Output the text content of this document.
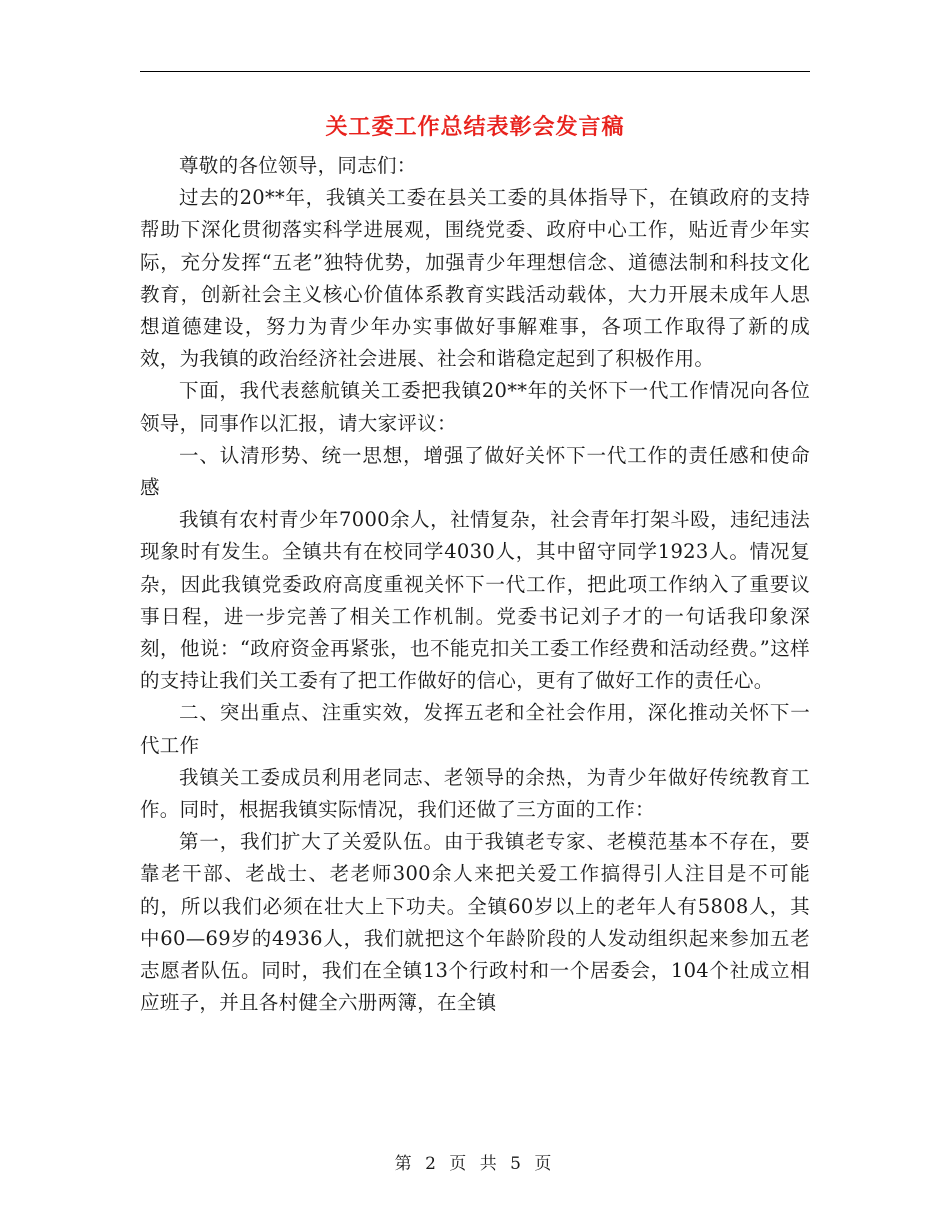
关工委工作总结表彰会发言稿

尊敬的各位领导，同志们：

过去的20**年，我镇关工委在县关工委的具体指导下，在镇政府的支持帮助下深化贯彻落实科学进展观，围绕党委、政府中心工作，贴近青少年实际，充分发挥“五老”独特优势，加强青少年理想信念、道德法制和科技文化教育，创新社会主义核心价值体系教育实践活动载体，大力开展未成年人思想道德建设，努力为青少年办实事做好事解难事，各项工作取得了新的成效，为我镇的政治经济社会进展、社会和谐稳定起到了积极作用。

下面，我代表慈航镇关工委把我镇20**年的关怀下一代工作情况向各位领导，同事作以汇报，请大家评议：

一、认清形势、统一思想，增强了做好关怀下一代工作的责任感和使命感

我镇有农村青少年7000余人，社情复杂，社会青年打架斗殴，违纪违法现象时有发生。全镇共有在校同学4030人，其中留守同学1923人。情况复杂，因此我镇党委政府高度重视关怀下一代工作，把此项工作纳入了重要议事日程，进一步完善了相关工作机制。党委书记刘子才的一句话我印象深刻，他说：“政府资金再紧张，也不能克扣关工委工作经费和活动经费。”这样的支持让我们关工委有了把工作做好的信心，更有了做好工作的责任心。

二、突出重点、注重实效，发挥五老和全社会作用，深化推动关怀下一代工作

我镇关工委成员利用老同志、老领导的余热，为青少年做好传统教育工作。同时，根据我镇实际情况，我们还做了三方面的工作：

第一，我们扩大了关爱队伍。由于我镇老专家、老模范基本不存在，要靠老干部、老战士、老老师300余人来把关爱工作搞得引人注目是不可能的，所以我们必须在壮大上下功夫。全镇60岁以上的老年人有5808人，其中60—69岁的4936人，我们就把这个年龄阶段的人发动组织起来参加五老志愿者队伍。同时，我们在全镇13个行政村和一个居委会，104个社成立相应班子，并且各村健全六册两簿，在全镇

第 2 页 共 5 页
